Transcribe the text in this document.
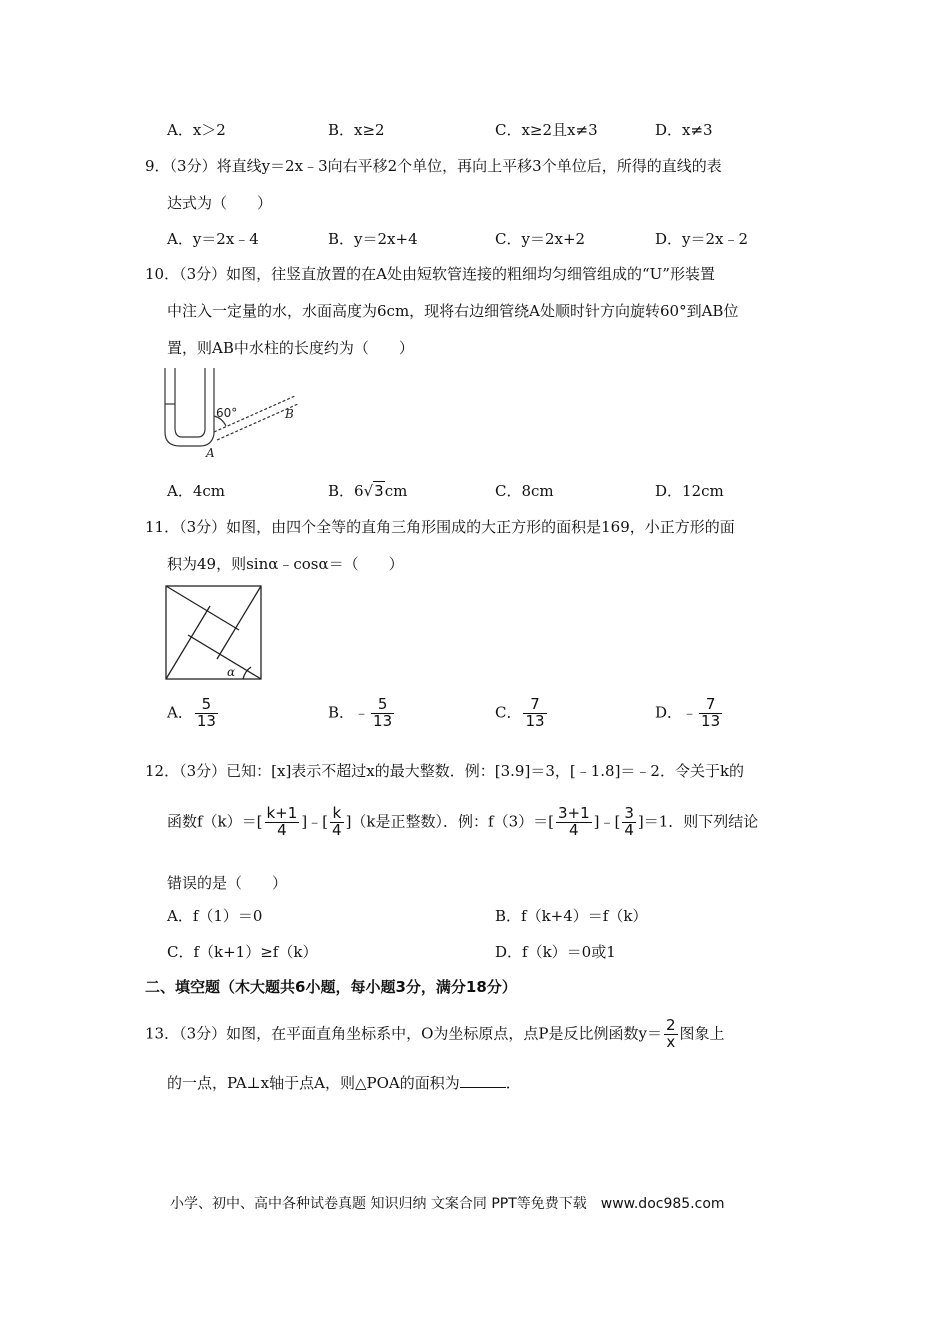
A．x＞2	B．x≥2	C．x≥2且x≠3	D．x≠3
9．（3分）将直线y＝2x﹣3向右平移2个单位，再向上平移3个单位后，所得的直线的表
达式为（　　）
A．y＝2x﹣4	B．y＝2x+4	C．y＝2x+2	D．y＝2x﹣2
10．（3分）如图，往竖直放置的在A处由短软管连接的粗细均匀细管组成的“U”形装置
中注入一定量的水，水面高度为6cm，现将右边细管绕A处顺时针方向旋转60°到AB位
置，则AB中水柱的长度约为（　　）
60°
A
B
A．4cm	B．6√3cm	C．8cm	D．12cm
11．（3分）如图，由四个全等的直角三角形围成的大正方形的面积是169，小正方形的面
积为49，则sinα﹣cosα＝（　　）
α
A． $\frac{5}{13}$	B．﹣ $\frac{5}{13}$	C． $\frac{7}{13}$	D．﹣ $\frac{7}{13}$
12．（3分）已知：[x]表示不超过x的最大整数．例：[3.9]＝3，[﹣1.8]＝﹣2．令关于k的
函数$f(k)=[ \frac{k+1}{4}$ ]﹣[ $\frac{k}{4} ](k$是正整数）．例：$f(3)=[ \frac{3+1}{4}$ ]﹣[ $\frac{3}{4} ]=1$．则下列结论
错误的是（　　）
A．f（1）＝0	B．f（k+4）＝f（k）
C．f（k+1）≥f（k）	D．f（k）＝0或1
二、填空题（木大题共6小题，每小题3分，满分18分）
13．（3分）如图，在平面直角坐标系中，O为坐标原点，点P是反比例函数$y= \frac{2}{x}$ 图象上
的一点，PA⊥x轴于点A，则△POA的面积为	．
小学、初中、高中各种试卷真题 知识归纳 文案合同 PPT等免费下载　www.doc985.com
